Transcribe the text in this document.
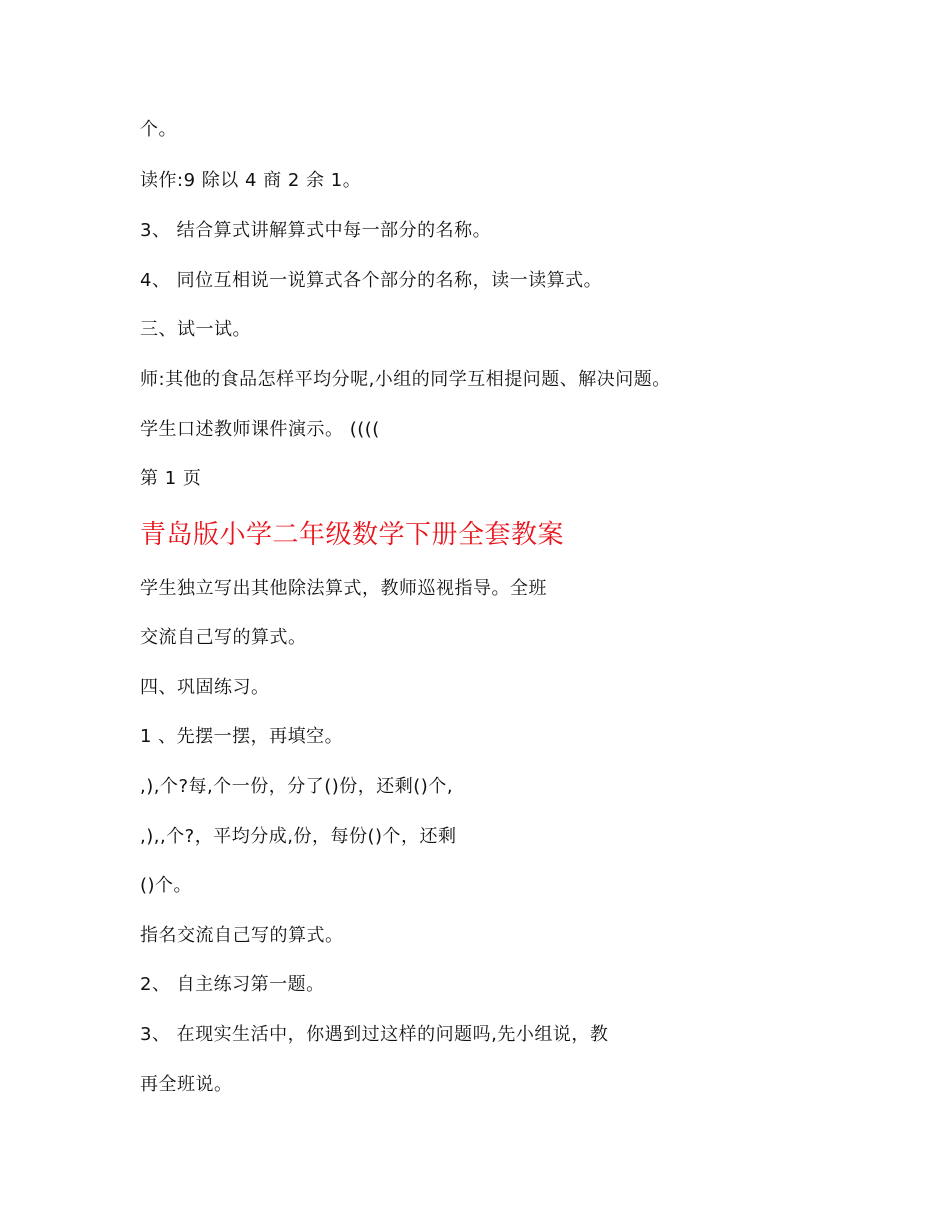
个。
读作:9 除以 4 商 2 余 1。
3、 结合算式讲解算式中每一部分的名称。
4、 同位互相说一说算式各个部分的名称，读一读算式。
三、试一试。
师:其他的食品怎样平均分呢,小组的同学互相提问题、解决问题。
学生口述教师课件演示。 ((((
第 1 页
青岛版小学二年级数学下册全套教案
学生独立写出其他除法算式，教师巡视指导。全班
交流自己写的算式。
四、巩固练习。
1 、先摆一摆，再填空。
,),个?每,个一份，分了()份，还剩()个,
,),,个?，平均分成,份，每份()个，还剩
()个。
指名交流自己写的算式。
2、 自主练习第一题。
3、 在现实生活中，你遇到过这样的问题吗,先小组说，教
再全班说。
